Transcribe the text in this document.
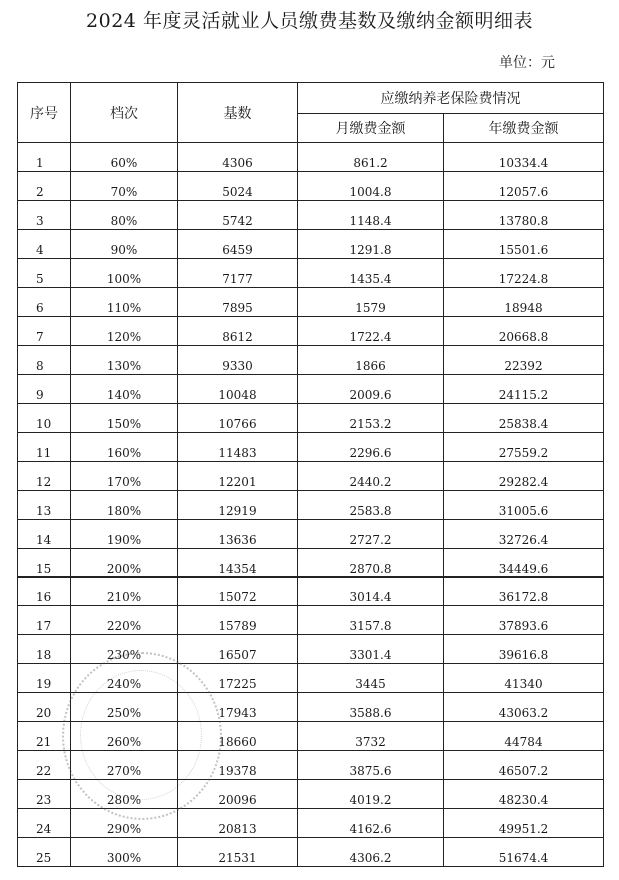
2024 年度灵活就业人员缴费基数及缴纳金额明细表
单位：元
序号	档次	基数	应缴纳养老保险费情况	
			月缴费金额	年缴费金额
1	60%	4306	861.2	10334.4
2	70%	5024	1004.8	12057.6
3	80%	5742	1148.4	13780.8
4	90%	6459	1291.8	15501.6
5	100%	7177	1435.4	17224.8
6	110%	7895	1579	18948
7	120%	8612	1722.4	20668.8
8	130%	9330	1866	22392
9	140%	10048	2009.6	24115.2
10	150%	10766	2153.2	25838.4
11	160%	11483	2296.6	27559.2
12	170%	12201	2440.2	29282.4
13	180%	12919	2583.8	31005.6
14	190%	13636	2727.2	32726.4
15	200%	14354	2870.8	34449.6
16	210%	15072	3014.4	36172.8
17	220%	15789	3157.8	37893.6
18	230%	16507	3301.4	39616.8
19	240%	17225	3445	41340
20	250%	17943	3588.6	43063.2
21	260%	18660	3732	44784
22	270%	19378	3875.6	46507.2
23	280%	20096	4019.2	48230.4
24	290%	20813	4162.6	49951.2
25	300%	21531	4306.2	51674.4
